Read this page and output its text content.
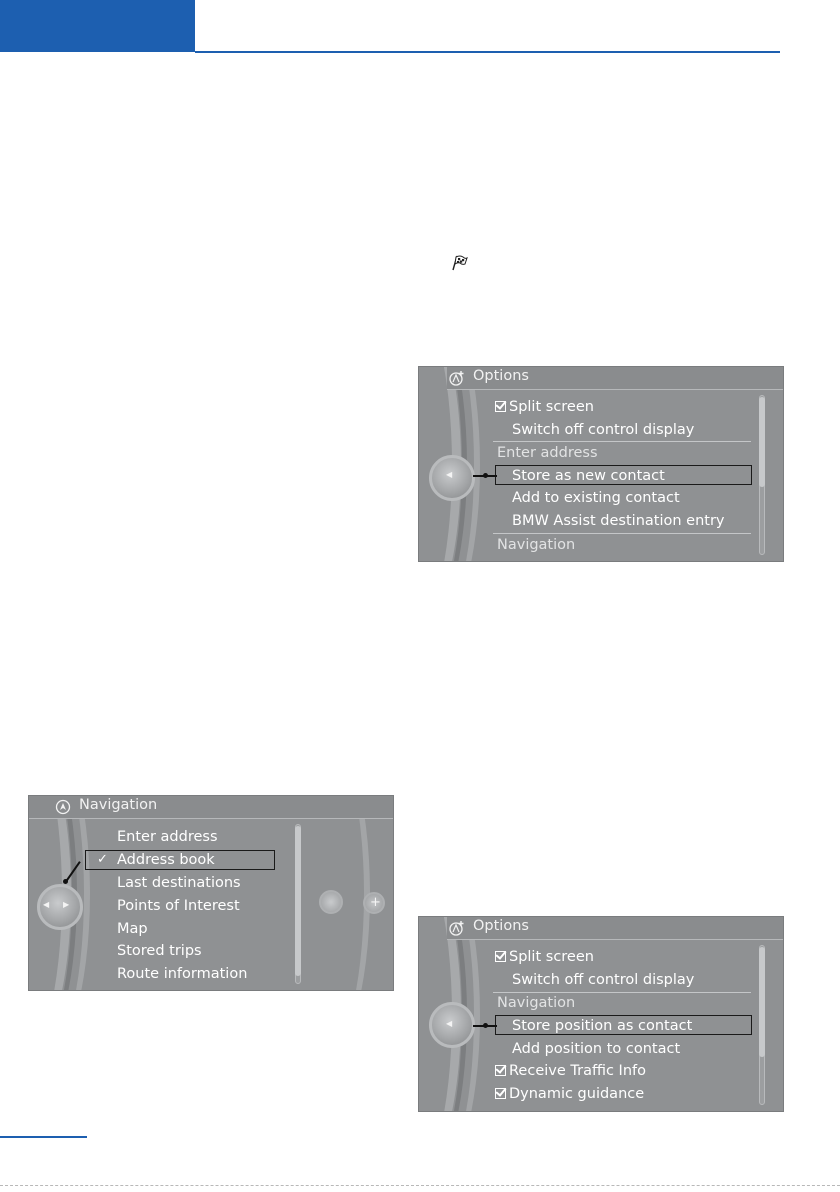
Options
Split screen
Switch off control display
Enter address
Store as new contact
Add to existing contact
BMW Assist destination entry
Navigation
◀
Navigation
Enter address
✓ Address book
Last destinations
Points of Interest
Map
Stored trips
Route information
◀ ▶	+
Options
Split screen
Switch off control display
Navigation
Store position as contact
Add position to contact
Receive Traffic Info
Dynamic guidance
◀
